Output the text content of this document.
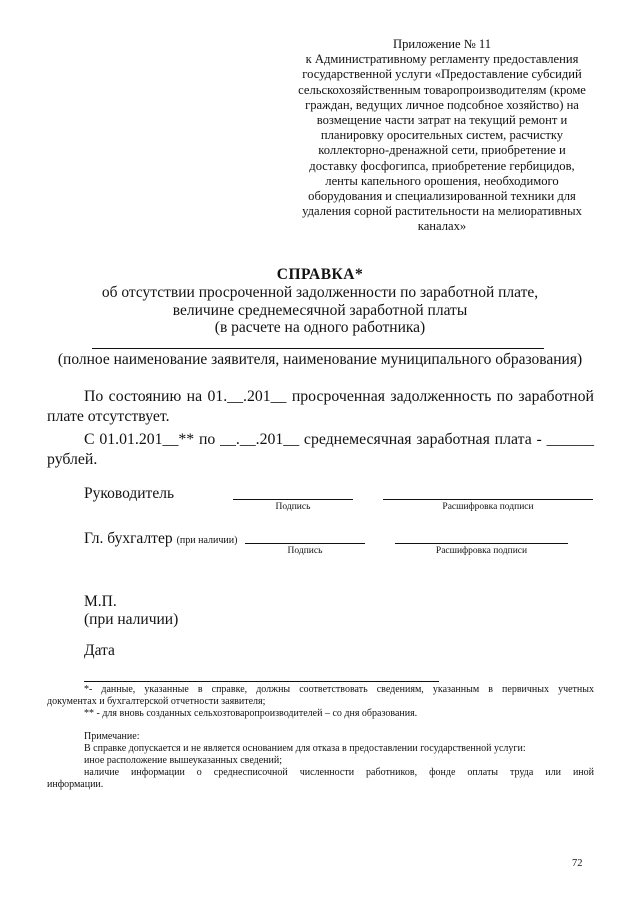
Приложение № 11
к Административному регламенту предоставления
государственной услуги «Предоставление субсидий
сельскохозяйственным товаропроизводителям (кроме
граждан, ведущих личное подсобное хозяйство) на
возмещение части затрат на текущий ремонт и
планировку оросительных систем, расчистку
коллекторно-дренажной сети, приобретение и
доставку фосфогипса, приобретение гербицидов,
ленты капельного орошения, необходимого
оборудования и специализированной техники для
удаления сорной растительности на мелиоративных
каналах»
СПРАВКА*
об отсутствии просроченной задолженности по заработной плате,
величине среднемесячной заработной платы
(в расчете на одного работника)
(полное наименование заявителя, наименование муниципального образования)
По состоянию на 01.__.201__ просроченная задолженность по заработной
плате отсутствует.
С 01.01.201__** по __.__.201__ среднемесячная заработная плата - ______
рублей.
Руководитель
Подпись	Расшифровка подписи
Гл. бухгалтер (при наличии)
Подпись	Расшифровка подписи
М.П.
(при наличии)
Дата
*- данные, указанные в справке, должны соответствовать сведениям, указанным в первичных учетных
документах и бухгалтерской отчетности заявителя;
** - для вновь созданных сельхозтоваропроизводителей – со дня образования.
Примечание:
В справке допускается и не является основанием для отказа в предоставлении государственной услуги:
иное расположение вышеуказанных сведений;
наличие информации о среднесписочной численности работников, фонде оплаты труда или иной
информации.
72
